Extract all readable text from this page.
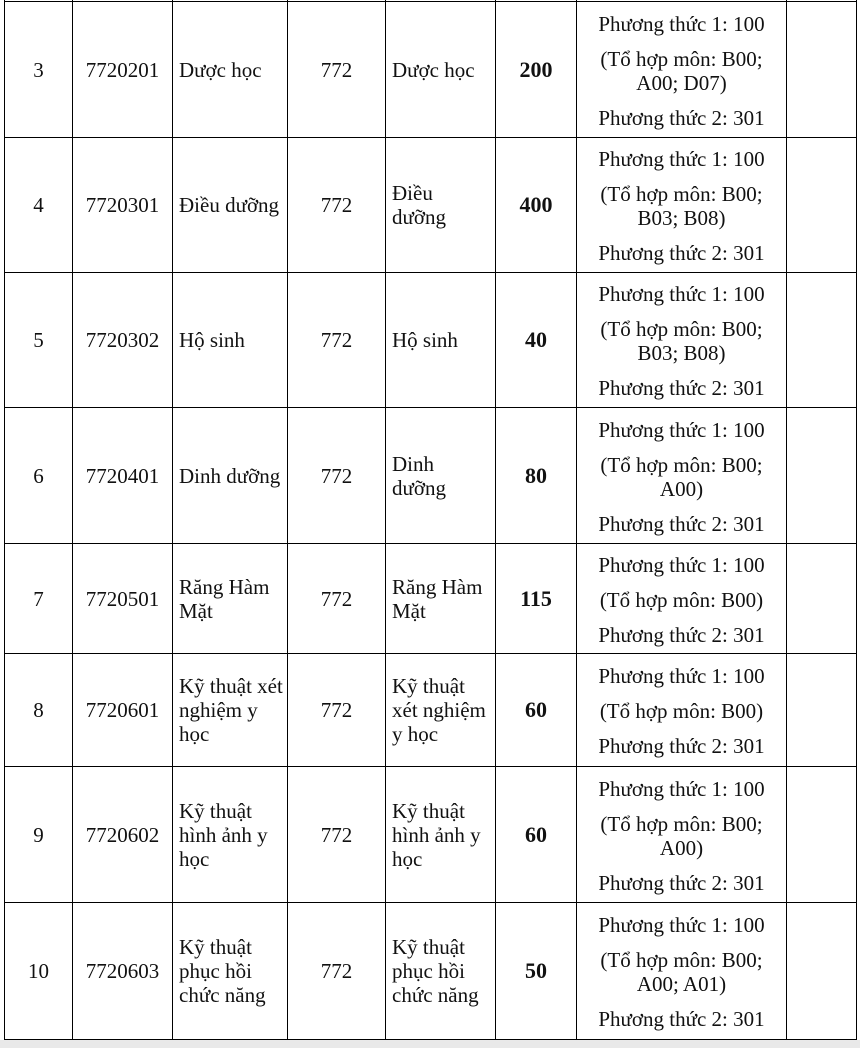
3	7720201	Dược học	772	Dược học	200	Phương thức 1: 100
(Tổ hợp môn: B00;
A00; D07)
Phương thức 2: 301	

4	7720301	Điều dưỡng	772	Điều dưỡng	400	Phương thức 1: 100
(Tổ hợp môn: B00;
B03; B08)
Phương thức 2: 301	

5	7720302	Hộ sinh	772	Hộ sinh	40	Phương thức 1: 100
(Tổ hợp môn: B00;
B03; B08)
Phương thức 2: 301	

6	7720401	Dinh dưỡng	772	Dinh dưỡng	80	Phương thức 1: 100
(Tổ hợp môn: B00;
A00)
Phương thức 2: 301	

7	7720501	Răng Hàm Mặt	772	Răng Hàm Mặt	115	Phương thức 1: 100
(Tổ hợp môn: B00)
Phương thức 2: 301	

8	7720601	Kỹ thuật xét nghiệm y học	772	Kỹ thuật xét nghiệm y học	60	Phương thức 1: 100
(Tổ hợp môn: B00)
Phương thức 2: 301	

9	7720602	Kỹ thuật hình ảnh y học	772	Kỹ thuật hình ảnh y học	60	Phương thức 1: 100
(Tổ hợp môn: B00;
A00)
Phương thức 2: 301	

10	7720603	Kỹ thuật phục hồi chức năng	772	Kỹ thuật phục hồi chức năng	50	Phương thức 1: 100
(Tổ hợp môn: B00;
A00; A01)
Phương thức 2: 301	
